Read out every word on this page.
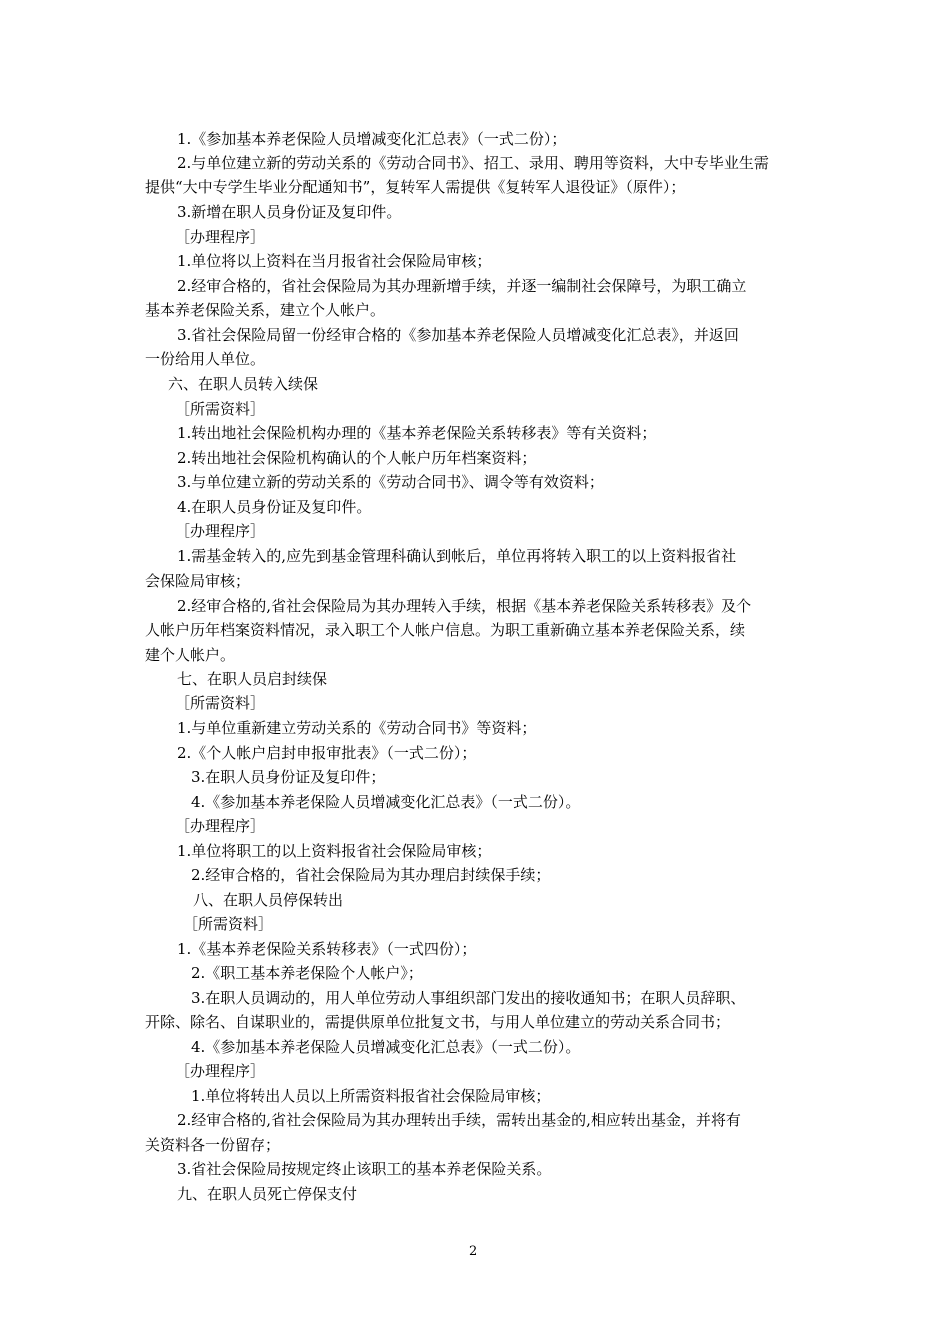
1.《参加基本养老保险人员增减变化汇总表》（一式二份）；
2.与单位建立新的劳动关系的《劳动合同书》、招工、录用、聘用等资料，大中专毕业生需
提供“大中专学生毕业分配通知书”，复转军人需提供《复转军人退役证》（原件）；
3.新增在职人员身份证及复印件。
［办理程序］
1.单位将以上资料在当月报省社会保险局审核；
2.经审合格的，省社会保险局为其办理新增手续，并逐一编制社会保障号，为职工确立
基本养老保险关系，建立个人帐户。
3.省社会保险局留一份经审合格的《参加基本养老保险人员增减变化汇总表》，并返回
一份给用人单位。
六、在职人员转入续保
［所需资料］
1.转出地社会保险机构办理的《基本养老保险关系转移表》等有关资料；
2.转出地社会保险机构确认的个人帐户历年档案资料；
3.与单位建立新的劳动关系的《劳动合同书》、调令等有效资料；
4.在职人员身份证及复印件。
［办理程序］
1.需基金转入的,应先到基金管理科确认到帐后，单位再将转入职工的以上资料报省社
会保险局审核；
2.经审合格的,省社会保险局为其办理转入手续，根据《基本养老保险关系转移表》及个
人帐户历年档案资料情况，录入职工个人帐户信息。为职工重新确立基本养老保险关系，续
建个人帐户。
七、在职人员启封续保
［所需资料］
1.与单位重新建立劳动关系的《劳动合同书》等资料；
2.《个人帐户启封申报审批表》（一式二份）；
3.在职人员身份证及复印件；
4.《参加基本养老保险人员增减变化汇总表》（一式二份）。
［办理程序］
1.单位将职工的以上资料报省社会保险局审核；
2.经审合格的，省社会保险局为其办理启封续保手续；
八、在职人员停保转出
［所需资料］
1.《基本养老保险关系转移表》（一式四份）；
2.《职工基本养老保险个人帐户》；
3.在职人员调动的，用人单位劳动人事组织部门发出的接收通知书；在职人员辞职、
开除、除名、自谋职业的，需提供原单位批复文书，与用人单位建立的劳动关系合同书；
4.《参加基本养老保险人员增减变化汇总表》（一式二份）。
［办理程序］
1.单位将转出人员以上所需资料报省社会保险局审核；
2.经审合格的,省社会保险局为其办理转出手续，需转出基金的,相应转出基金，并将有
关资料各一份留存；
3.省社会保险局按规定终止该职工的基本养老保险关系。
九、在职人员死亡停保支付
2
